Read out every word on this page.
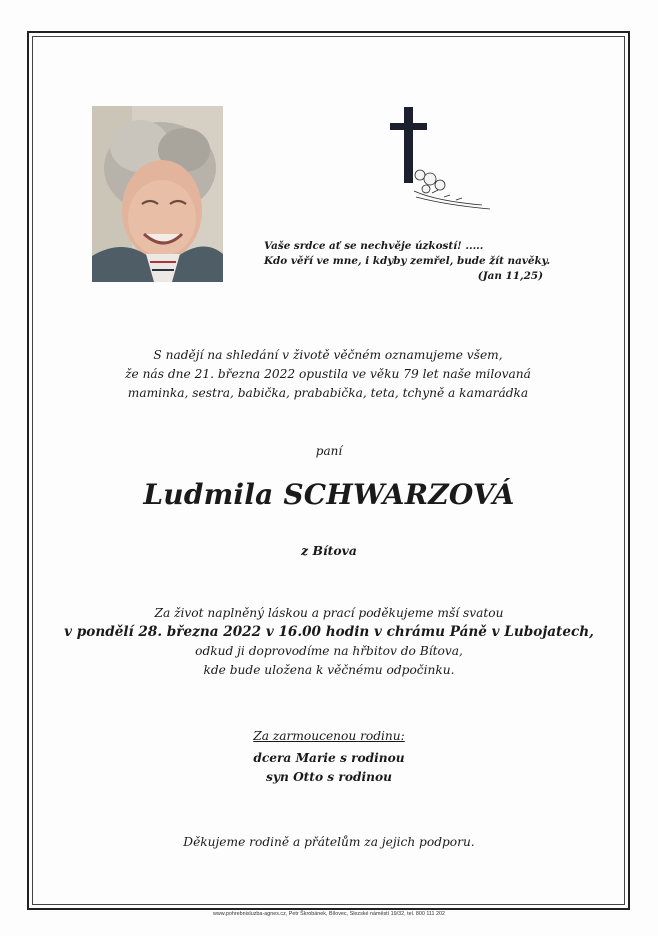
Vaše srdce ať se nechvěje úzkostí! .....
Kdo věří ve mne, i kdyby zemřel, bude žít navěky.
(Jan 11,25)
S nadějí na shledání v životě věčném oznamujeme všem,
že nás dne 21. března 2022 opustila ve věku 79 let naše milovaná
maminka, sestra, babička, prababička, teta, tchyně a kamarádka
paní
Ludmila SCHWARZOVÁ
z Bítova
Za život naplněný láskou a prací poděkujeme mší svatou
v pondělí 28. března 2022 v 16.00 hodin v chrámu Páně v Lubojatech,
odkud ji doprovodíme na hřbitov do Bítova,
kde bude uložena k věčnému odpočinku.
Za zarmoucenou rodinu:
dcera Marie s rodinou
syn Otto s rodinou
Děkujeme rodině a přátelům za jejich podporu.
www.pohrebnisluzba-agnes.cz, Petr Škrobánek, Bílovec, Slezské náměstí 19/32, tel. 800 111 202
